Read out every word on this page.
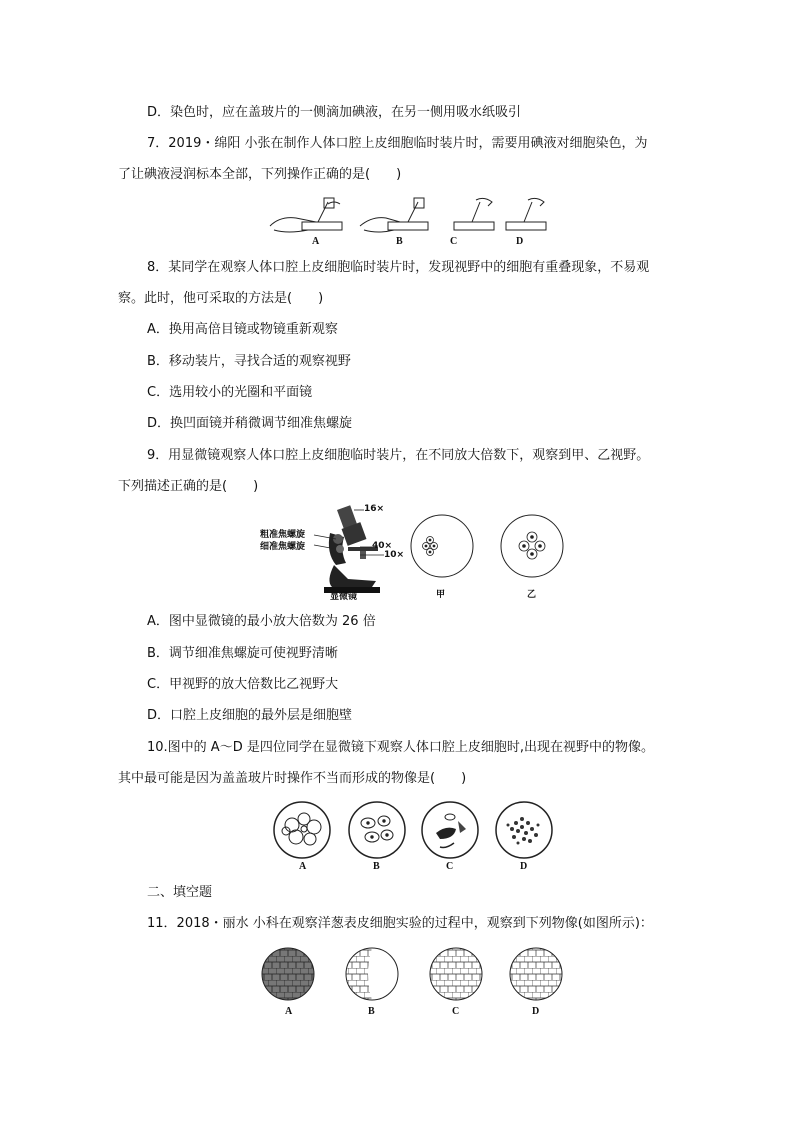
D．染色时，应在盖玻片的一侧滴加碘液，在另一侧用吸水纸吸引
7．2019・绵阳 小张在制作人体口腔上皮细胞临时装片时，需要用碘液对细胞染色，为
了让碘液浸润标本全部，下列操作正确的是(　　)
A	B	C	D
8．某同学在观察人体口腔上皮细胞临时装片时，发现视野中的细胞有重叠现象，不易观
察。此时，他可采取的方法是(　　)
A．换用高倍目镜或物镜重新观察
B．移动装片，寻找合适的观察视野
C．选用较小的光圈和平面镜
D．换凹面镜并稍微调节细准焦螺旋
9．用显微镜观察人体口腔上皮细胞临时装片，在不同放大倍数下，观察到甲、乙视野。
下列描述正确的是(　　)
粗准焦螺旋
细准焦螺旋
16×
40×
10×
显微镜	甲	乙
A．图中显微镜的最小放大倍数为 26 倍
B．调节细准焦螺旋可使视野清晰
C．甲视野的放大倍数比乙视野大
D．口腔上皮细胞的最外层是细胞壁
10.图中的 A～D 是四位同学在显微镜下观察人体口腔上皮细胞时,出现在视野中的物像。
其中最可能是因为盖盖玻片时操作不当而形成的物像是(　　)
A	B	C	D
二、填空题
11．2018・丽水 小科在观察洋葱表皮细胞实验的过程中，观察到下列物像(如图所示)：
A	B	C	D
